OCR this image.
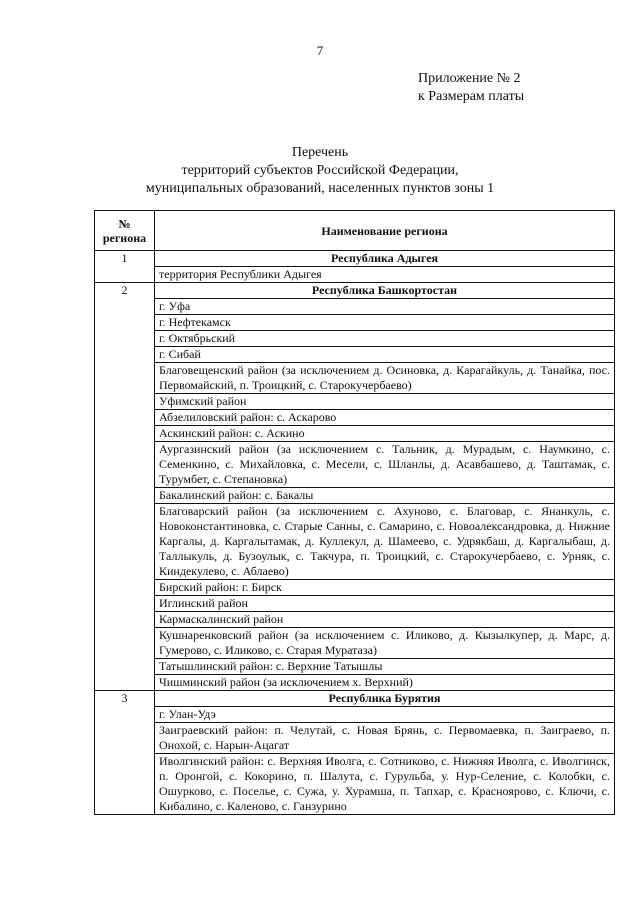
7
Приложение № 2
к Размерам платы
Перечень
территорий субъектов Российской Федерации,
муниципальных образований, населенных пунктов зоны 1
№
региона	Наименование региона
1	Республика Адыгея
	территория Республики Адыгея
2	Республика Башкортостан
	г. Уфа
	г. Нефтекамск
	г. Октябрьский
	г. Сибай
	Благовещенский район (за исключением д. Осиновка, д. Карагайкуль, д. Танайка, пос. Первомайский, п. Троицкий, с. Старокучербаево)
	Уфимский район
	Абзелиловский район: с. Аскарово
	Аскинский район: с. Аскино
	Аургазинский район (за исключением с. Тальник, д. Мурадым, с. Наумкино, с. Семенкино, с. Михайловка, с. Месели, с. Шланлы, д. Асавбашево, д. Таштамак, с. Турумбет, с. Степановка)
	Бакалинский район: с. Бакалы
	Благоварский район (за исключением с. Ахуново, с. Благовар, с. Янанкуль, с. Новоконстантиновка, с. Старые Санны, с. Самарино, с. Новоалександровка, д. Нижние Каргалы, д. Каргалытамак, д. Куллекул, д. Шамеево, с. Удрякбаш, д. Каргалыбаш, д. Таллыкуль, д. Бузоулык, с. Такчура, п. Троицкий, с. Старокучербаево, с. Урняк, с. Киндекулево, с. Аблаево)
	Бирский район: г. Бирск
	Иглинский район
	Кармаскалинский район
	Кушнаренковский район (за исключением с. Иликово, д. Кызылкупер, д. Марс, д. Гумерово, с. Иликово, с. Старая Муратаза)
	Татышлинский район: с. Верхние Татышлы
	Чишминский район (за исключением х. Верхний)
3	Республика Бурятия
	г. Улан-Удэ
	Заиграевский район: п. Челутай, с. Новая Брянь, с. Первомаевка, п. Заиграево, п. Онохой, с. Нарын-Ацагат
	Иволгинский район: с. Верхняя Иволга, с. Сотниково, с. Нижняя Иволга, с. Иволгинск, п. Оронгой, с. Кокорино, п. Шалута, с. Гурульба, у. Нур-Селение, с. Колобки, с. Ошурково, с. Поселье, с. Сужа, у. Хурамша, п. Тапхар, с. Красноярово, с. Ключи, с. Кибалино, с. Каленово, с. Ганзурино
